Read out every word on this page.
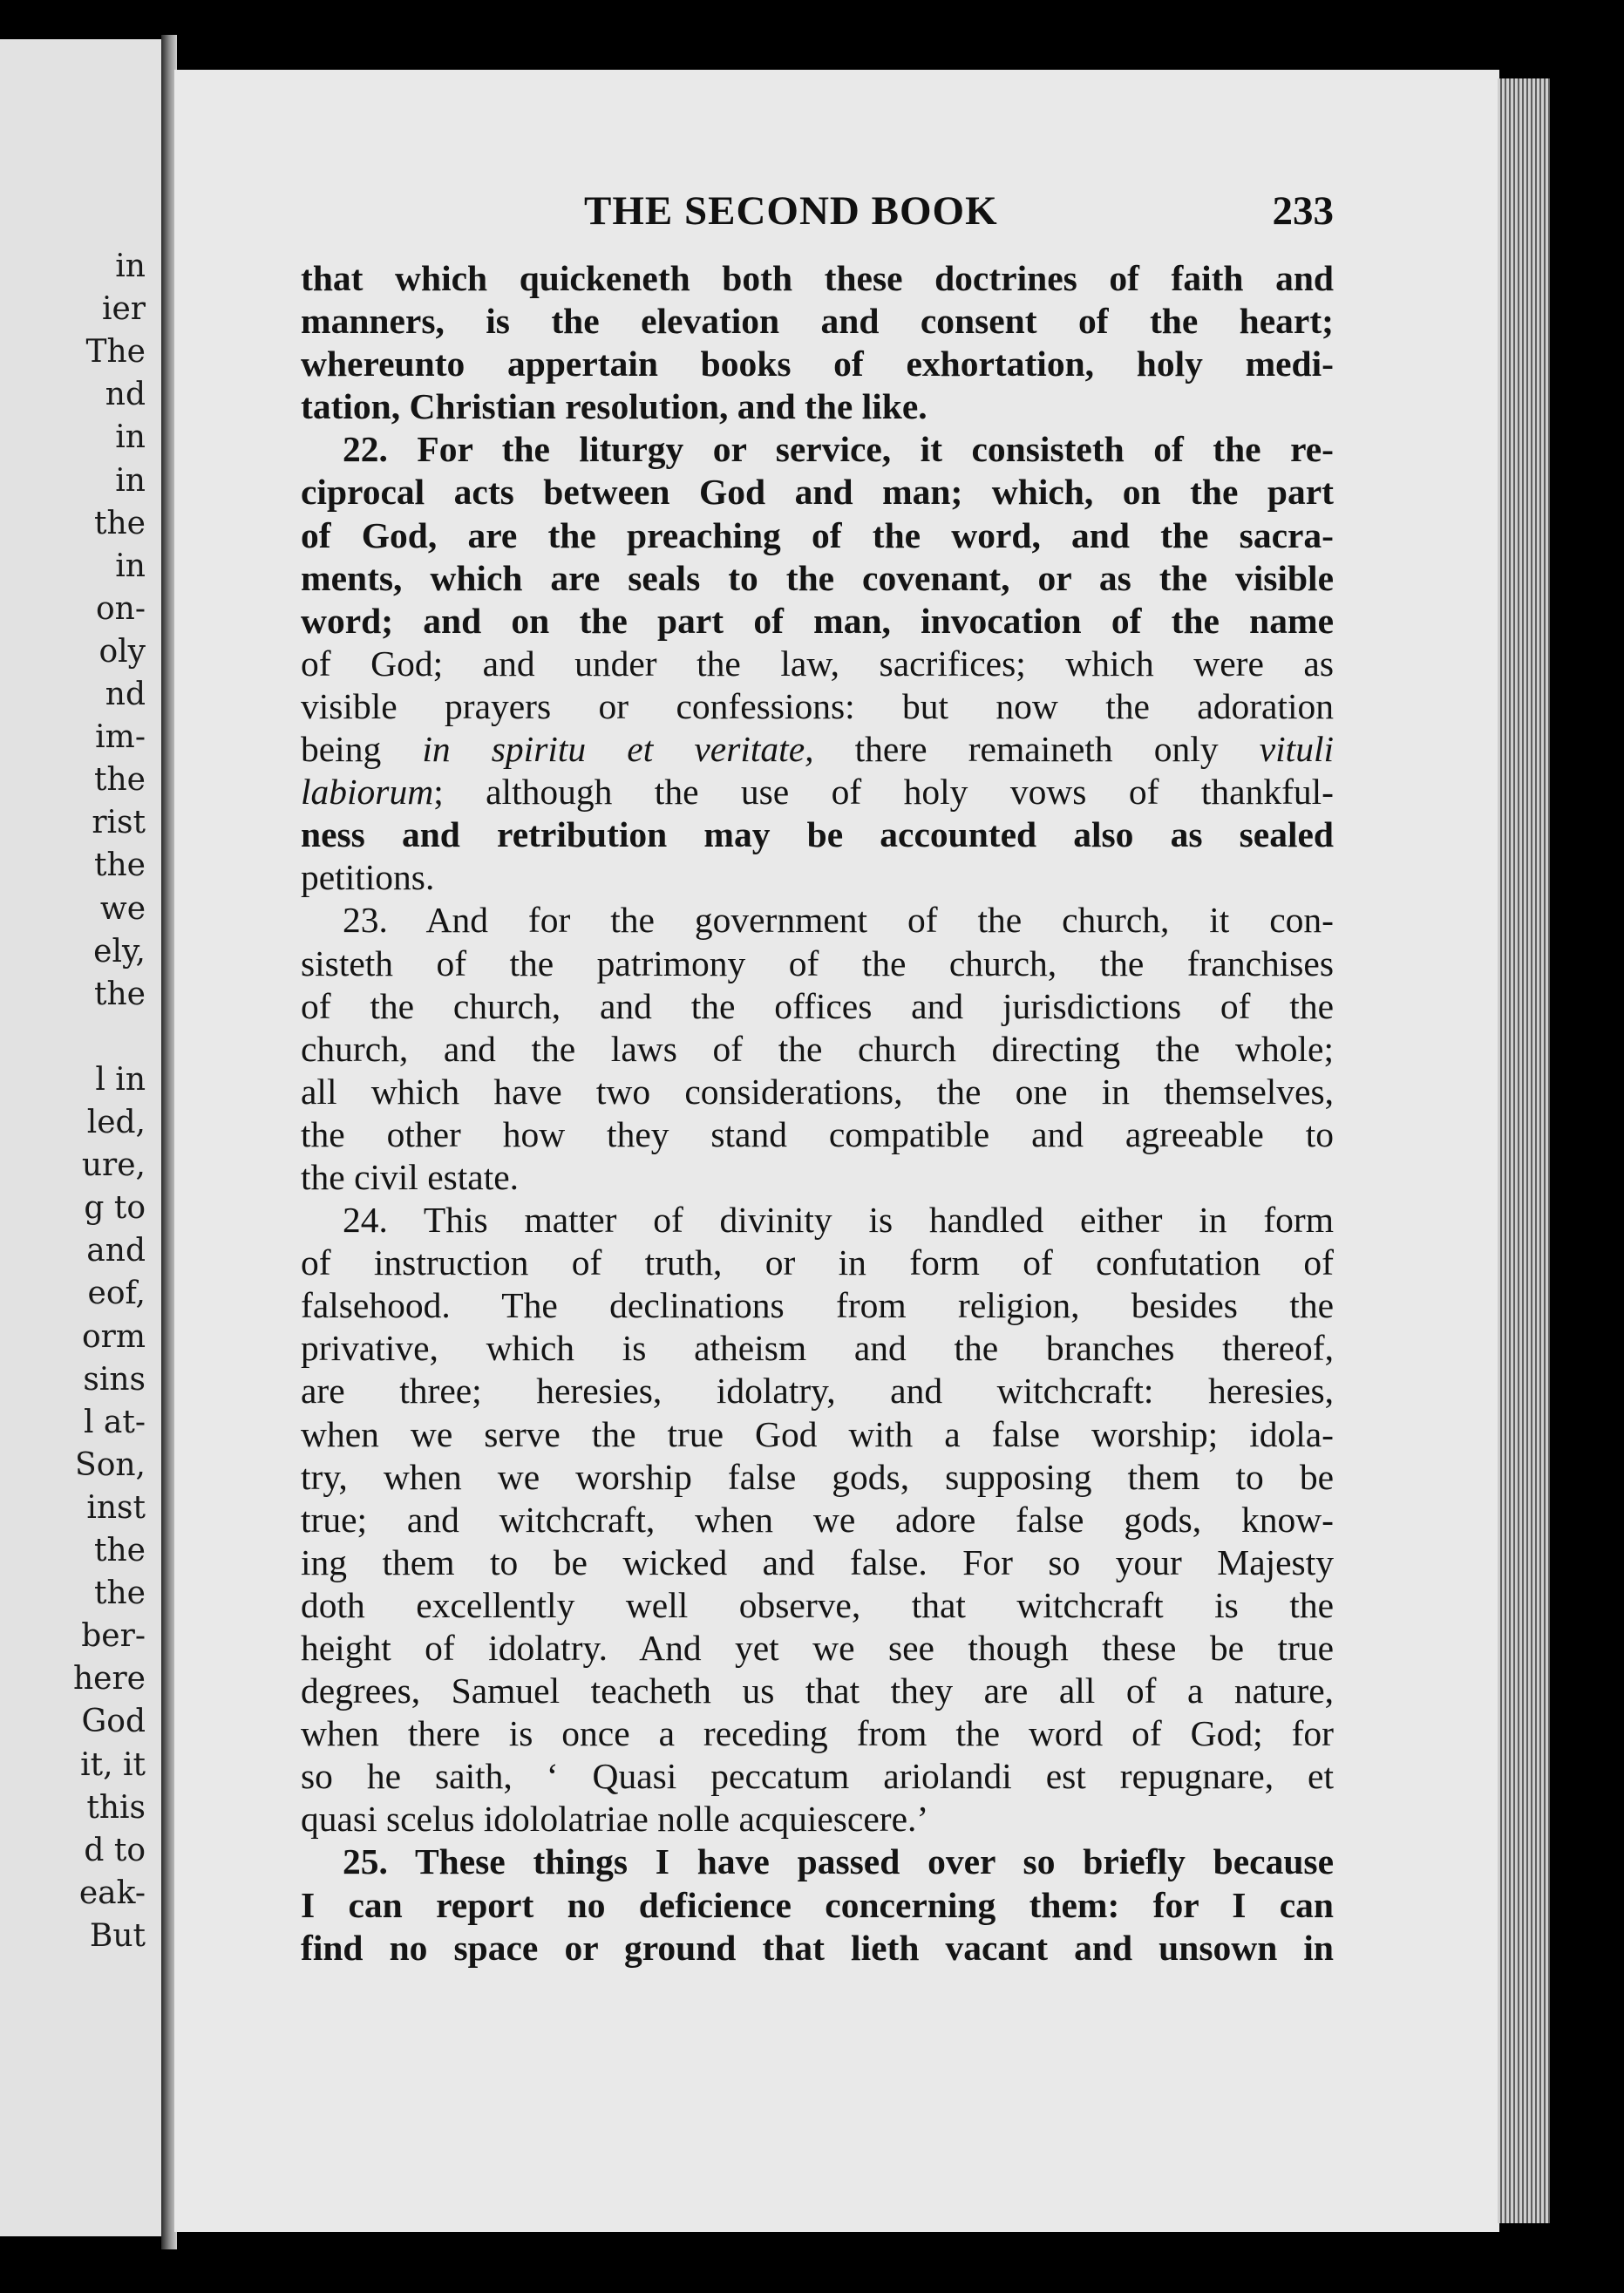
in
ier
The
nd
in
in
the
in
on-
oly
nd
im-
the
rist
the
we
ely,
the
l in
led,
ure,
g to
and
eof,
orm
sins
l at-
Son,
inst
the
the
ber-
here
God
it, it
this
d to
eak-
But
THE SECOND BOOK	233
that which quickeneth both these doctrines of faith and
manners, is the elevation and consent of the heart;
whereunto appertain books of exhortation, holy medi-
tation, Christian resolution, and the like.
22. For the liturgy or service, it consisteth of the re-
ciprocal acts between God and man; which, on the part
of God, are the preaching of the word, and the sacra-
ments, which are seals to the covenant, or as the visible
word; and on the part of man, invocation of the name
of God; and under the law, sacrifices; which were as
visible prayers or confessions: but now the adoration
being in spiritu et veritate, there remaineth only vituli
labiorum; although the use of holy vows of thankful-
ness and retribution may be accounted also as sealed
petitions.
23. And for the government of the church, it con-
sisteth of the patrimony of the church, the franchises
of the church, and the offices and jurisdictions of the
church, and the laws of the church directing the whole;
all which have two considerations, the one in themselves,
the other how they stand compatible and agreeable to
the civil estate.
24. This matter of divinity is handled either in form
of instruction of truth, or in form of confutation of
falsehood. The declinations from religion, besides the
privative, which is atheism and the branches thereof,
are three; heresies, idolatry, and witchcraft: heresies,
when we serve the true God with a false worship; idola-
try, when we worship false gods, supposing them to be
true; and witchcraft, when we adore false gods, know-
ing them to be wicked and false. For so your Majesty
doth excellently well observe, that witchcraft is the
height of idolatry. And yet we see though these be true
degrees, Samuel teacheth us that they are all of a nature,
when there is once a receding from the word of God; for
so he saith, ‘ Quasi peccatum ariolandi est repugnare, et
quasi scelus idololatriae nolle acquiescere.’
25. These things I have passed over so briefly because
I can report no deficience concerning them: for I can
find no space or ground that lieth vacant and unsown in
